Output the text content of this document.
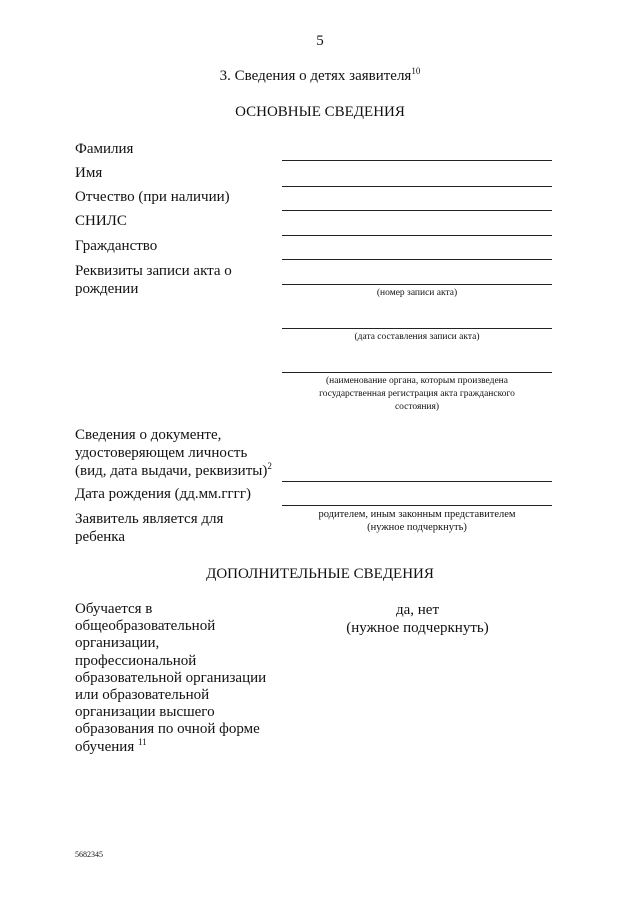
5
3. Сведения о детях заявителя$^{10}$
ОСНОВНЫЕ СВЕДЕНИЯ
Фамилия
Имя
Отчество (при наличии)
СНИЛС
Гражданство
Реквизиты записи акта о
рождении	(номер записи акта)
(дата составления записи акта)
(наименование органа, которым произведена
государственная регистрация акта гражданского
состояния)
Сведения о документе,
удостоверяющем личность
(вид, дата выдачи, реквизиты)$^2$
Дата рождения (дд.мм.гггг)
Заявитель является для
ребенка
родителем, иным законным представителем
(нужное подчеркнуть)
ДОПОЛНИТЕЛЬНЫЕ СВЕДЕНИЯ
Обучается в
общеобразовательной
организации,
профессиональной
образовательной организации
или образовательной
организации высшего
образования по очной форме
обучения $^{11}$
да, нет
(нужное подчеркнуть)
5682345
